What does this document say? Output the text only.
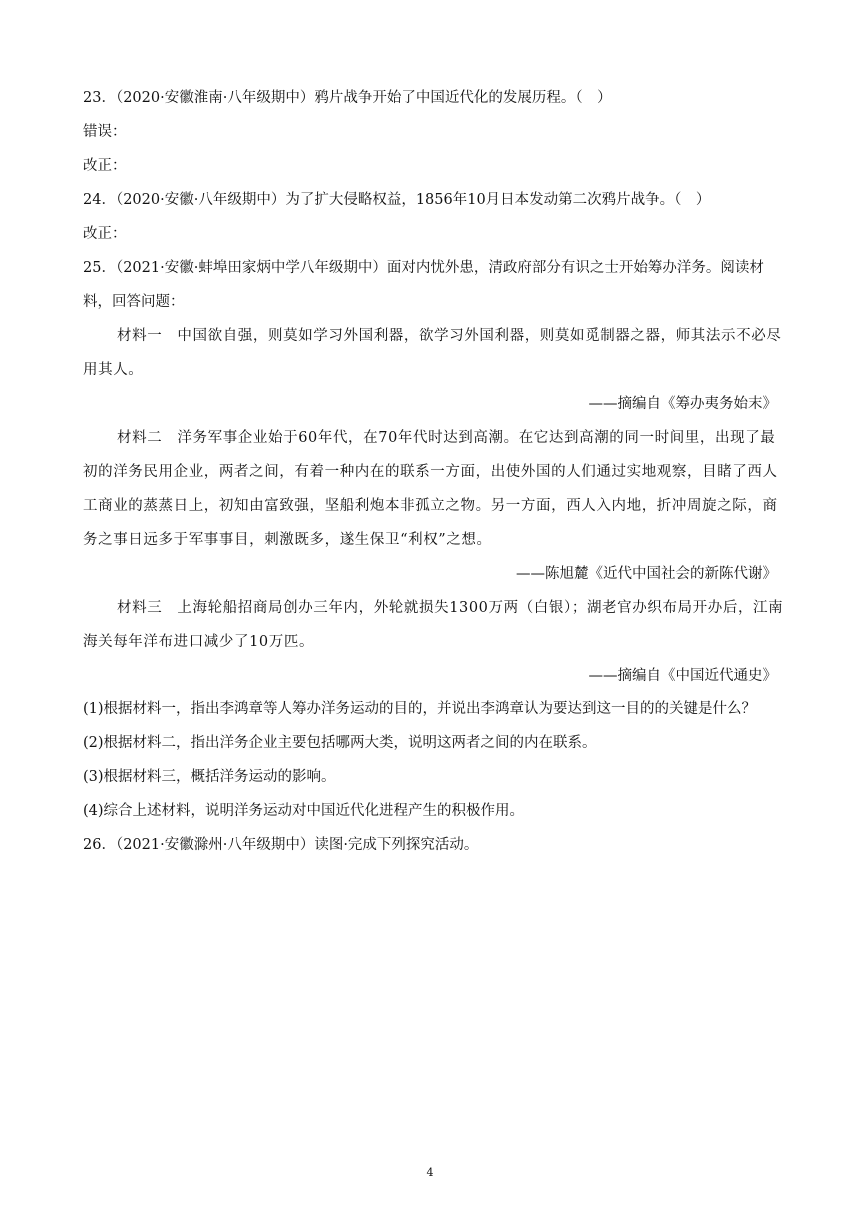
23．（2020·安徽淮南·八年级期中）鸦片战争开始了中国近代化的发展历程。（　）
错误：
改正：
24．（2020·安徽·八年级期中）为了扩大侵略权益，1856年10月日本发动第二次鸦片战争。（　）
改正：
25．（2021·安徽·蚌埠田家炳中学八年级期中）面对内忧外患，清政府部分有识之士开始筹办洋务。阅读材
料，回答问题：
材料一　中国欲自强，则莫如学习外国利器，欲学习外国利器，则莫如觅制器之器，师其法示不必尽
用其人。
——摘编自《筹办夷务始末》
材料二　洋务军事企业始于60年代，在70年代时达到高潮。在它达到高潮的同一时间里，出现了最
初的洋务民用企业，两者之间，有着一种内在的联系一方面，出使外国的人们通过实地观察，目睹了西人
工商业的蒸蒸日上，初知由富致强，坚船利炮本非孤立之物。另一方面，西人入内地，折冲周旋之际，商
务之事日远多于军事事目，刺激既多，遂生保卫“利权”之想。
——陈旭麓《近代中国社会的新陈代谢》
材料三　上海轮船招商局创办三年内，外轮就损失1300万两（白银）；湖老官办织布局开办后，江南
海关每年洋布进口减少了10万匹。
——摘编自《中国近代通史》
(1)根据材料一，指出李鸿章等人筹办洋务运动的目的，并说出李鸿章认为要达到这一目的的关键是什么？
(2)根据材料二，指出洋务企业主要包括哪两大类，说明这两者之间的内在联系。
(3)根据材料三，概括洋务运动的影响。
(4)综合上述材料，说明洋务运动对中国近代化进程产生的积极作用。
26．（2021·安徽滁州·八年级期中）读图·完成下列探究活动。
4
